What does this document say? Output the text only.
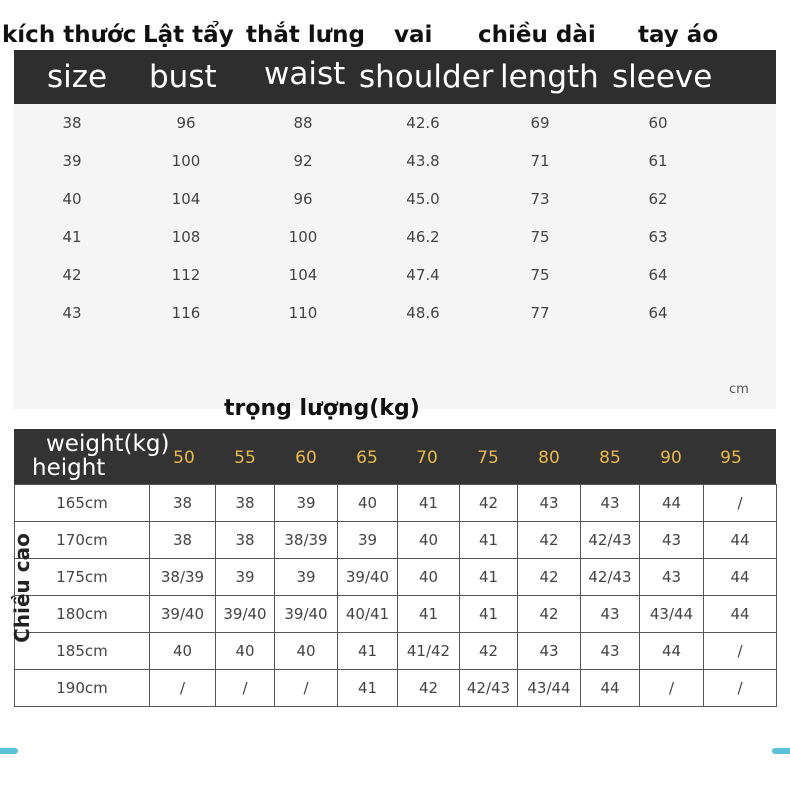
kích thước Lật tẩy thắt lưng vai chiều dài tay áo
size bust waist shoulder length sleeve
38	96	88	42.6	69	60
39	100	92	43.8	71	61
40	104	96	45.0	73	62
41	108	100	46.2	75	63
42	112	104	47.4	75	64
43	116	110	48.6	77	64
cm
trọng lượng(kg)
weight(kg)
height	50 55 60 65 70 75 80 85 90 95
165cm	38	38	39	40	41	42	43	43	44	/
170cm	38	38	38/39	39	40	41	42	42/43	43	44
175cm	38/39	39	39	39/40	40	41	42	42/43	43	44
180cm	39/40	39/40	39/40	40/41	41	41	42	43	43/44	44
185cm	40	40	40	41	41/42	42	43	43	44	/
190cm	/	/	/	41	42	42/43	43/44	44	/	/
Chiều cao
